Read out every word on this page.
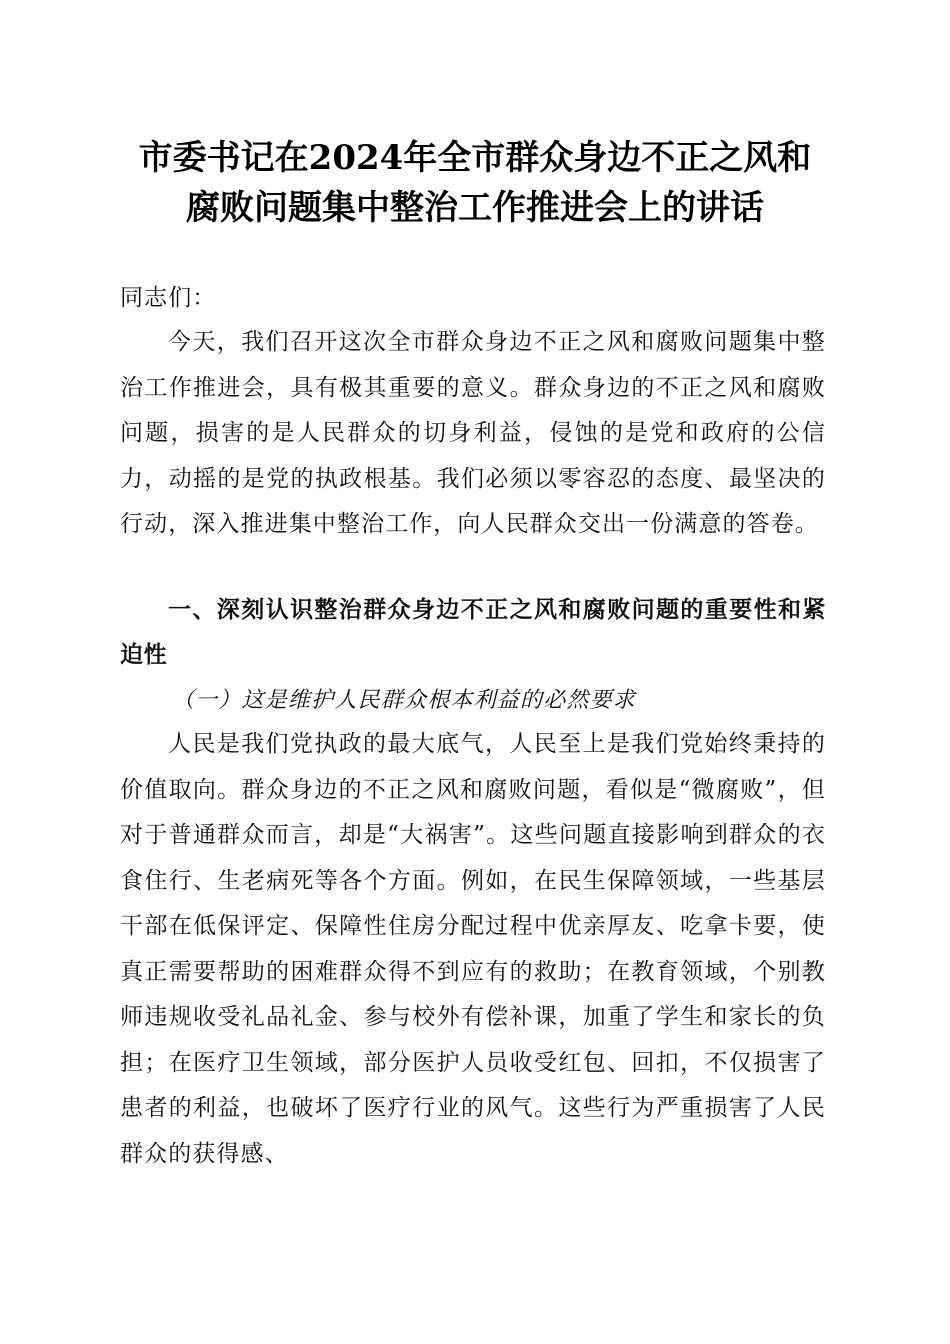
市委书记在2024年全市群众身边不正之风和
腐败问题集中整治工作推进会上的讲话
同志们：
今天，我们召开这次全市群众身边不正之风和腐败问题集中整治工作推进会，具有极其重要的意义。群众身边的不正之风和腐败问题，损害的是人民群众的切身利益，侵蚀的是党和政府的公信力，动摇的是党的执政根基。我们必须以零容忍的态度、最坚决的行动，深入推进集中整治工作，向人民群众交出一份满意的答卷。
一、深刻认识整治群众身边不正之风和腐败问题的重要性和紧迫性
（一）这是维护人民群众根本利益的必然要求
人民是我们党执政的最大底气，人民至上是我们党始终秉持的价值取向。群众身边的不正之风和腐败问题，看似是“微腐败”，但对于普通群众而言，却是“大祸害”。这些问题直接影响到群众的衣食住行、生老病死等各个方面。例如，在民生保障领域，一些基层干部在低保评定、保障性住房分配过程中优亲厚友、吃拿卡要，使真正需要帮助的困难群众得不到应有的救助；在教育领域，个别教师违规收受礼品礼金、参与校外有偿补课，加重了学生和家长的负担；在医疗卫生领域，部分医护人员收受红包、回扣，不仅损害了患者的利益，也破坏了医疗行业的风气。这些行为严重损害了人民群众的获得感、
